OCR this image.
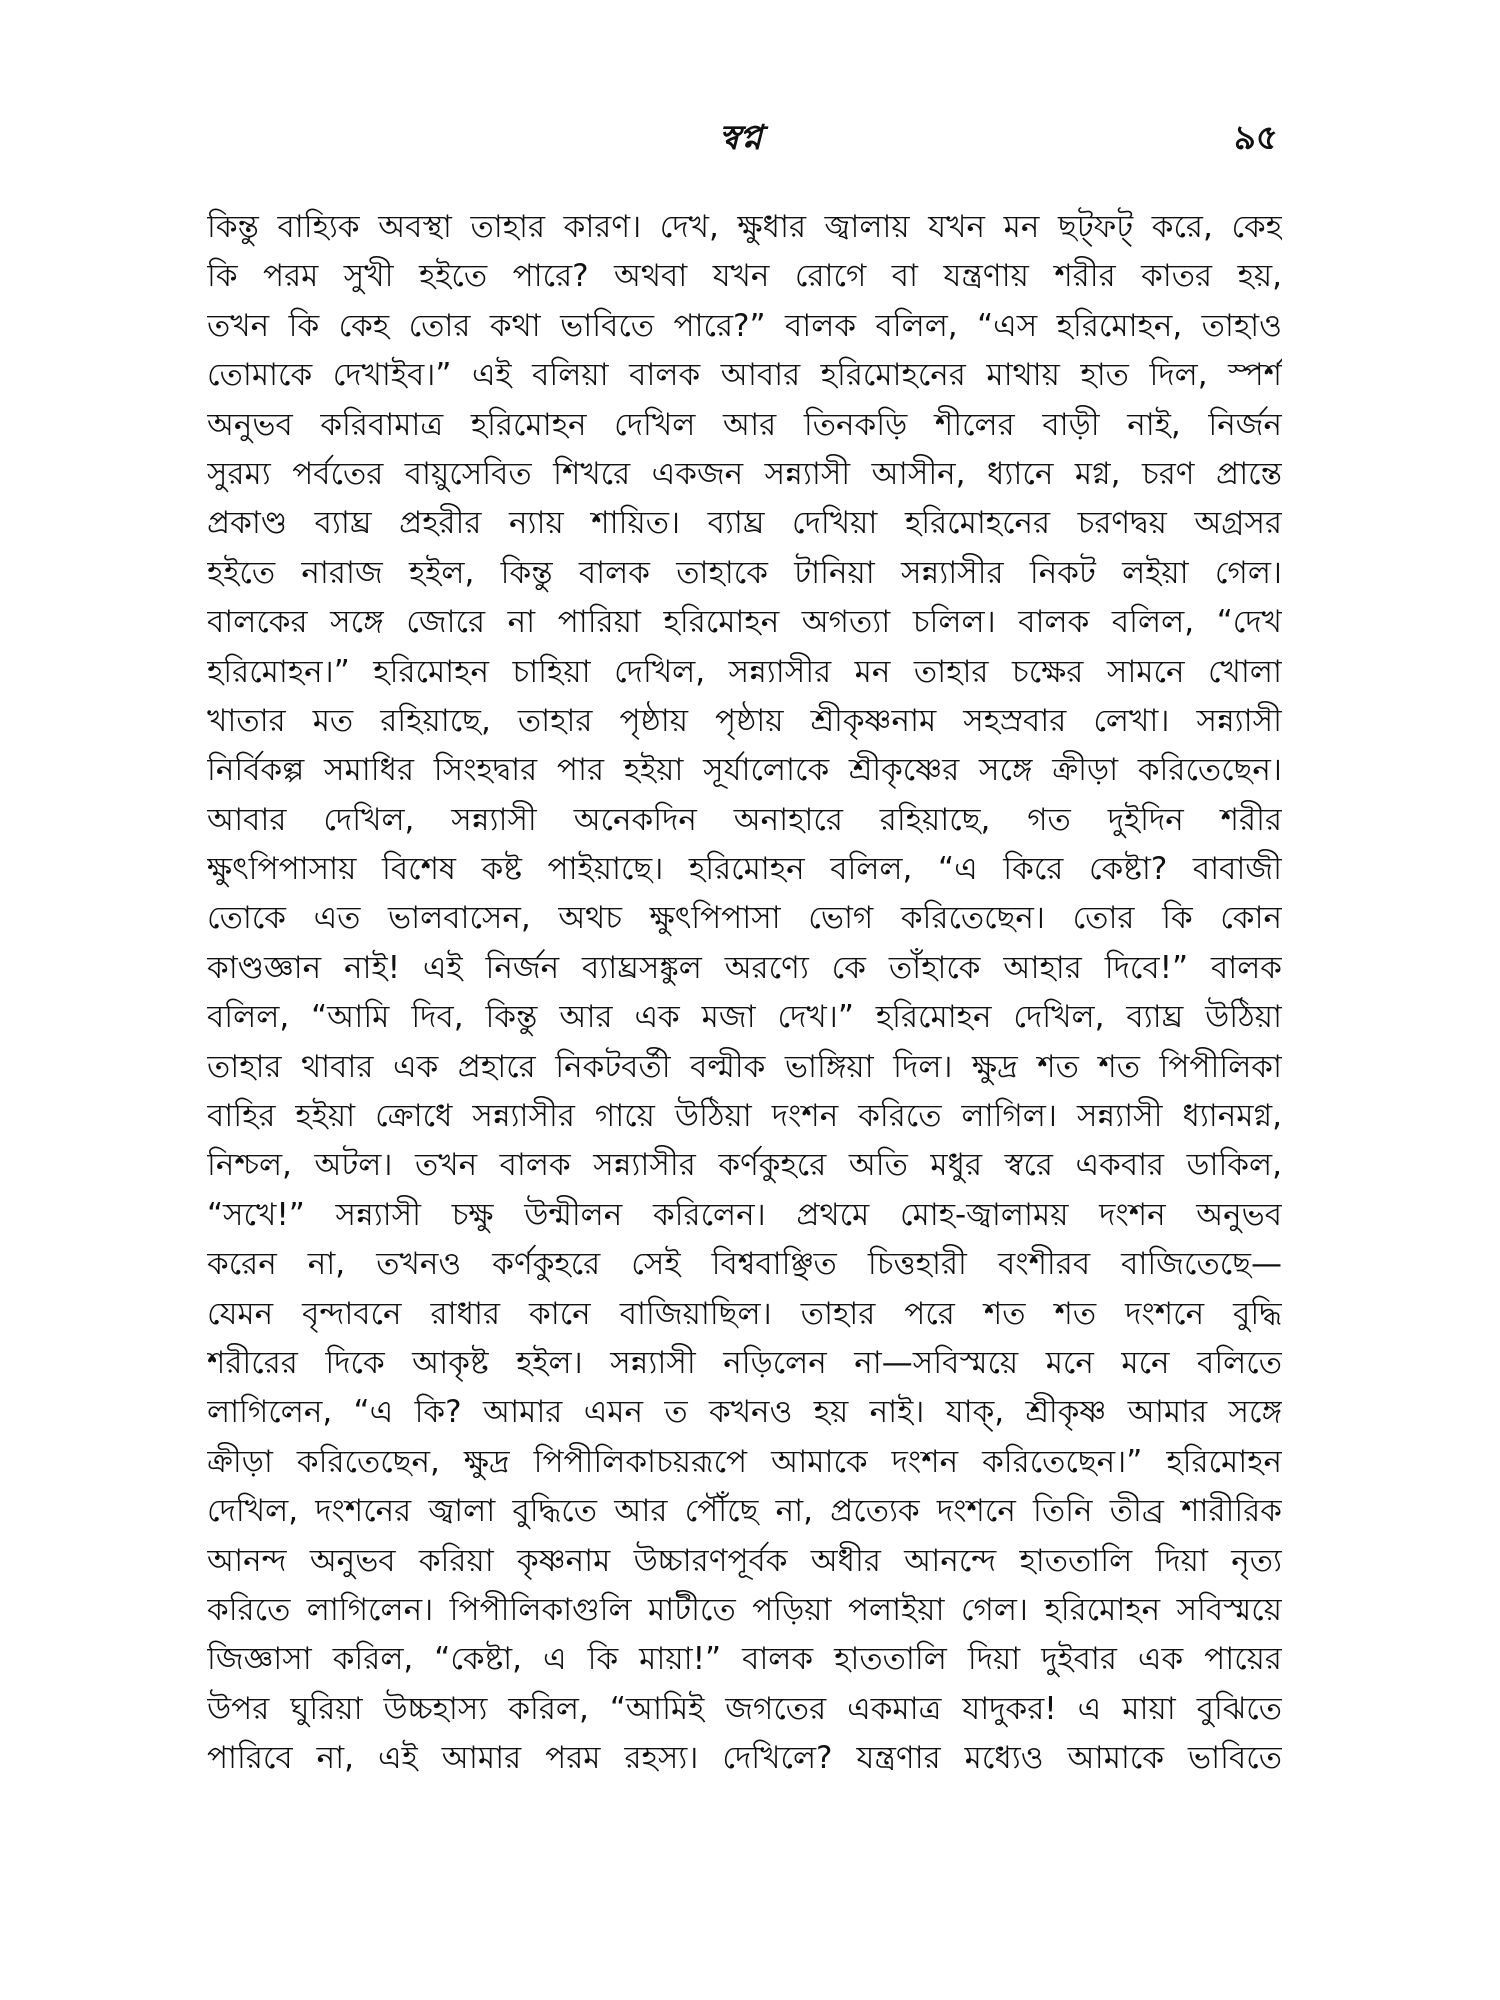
স্বপ্ন	৯৫
কিন্তু বাহ্যিক অবস্থা তাহার কারণ। দেখ, ক্ষুধার জ্বালায় যখন মন ছট্‌ফট্‌ করে, কেহ
কি পরম সুখী হইতে পারে? অথবা যখন রোগে বা যন্ত্রণায় শরীর কাতর হয়,
তখন কি কেহ তোর কথা ভাবিতে পারে?” বালক বলিল, “এস হরিমোহন, তাহাও
তোমাকে দেখাইব।” এই বলিয়া বালক আবার হরিমোহনের মাথায় হাত দিল, স্পর্শ
অনুভব করিবামাত্র হরিমোহন দেখিল আর তিনকড়ি শীলের বাড়ী নাই, নির্জন
সুরম্য পর্বতের বায়ুসেবিত শিখরে একজন সন্ন্যাসী আসীন, ধ্যানে মগ্ন, চরণ প্রান্তে
প্রকাণ্ড ব্যাঘ্র প্রহরীর ন্যায় শায়িত। ব্যাঘ্র দেখিয়া হরিমোহনের চরণদ্বয় অগ্রসর
হইতে নারাজ হইল, কিন্তু বালক তাহাকে টানিয়া সন্ন্যাসীর নিকট লইয়া গেল।
বালকের সঙ্গে জোরে না পারিয়া হরিমোহন অগত্যা চলিল। বালক বলিল, “দেখ
হরিমোহন।” হরিমোহন চাহিয়া দেখিল, সন্ন্যাসীর মন তাহার চক্ষের সামনে খোলা
খাতার মত রহিয়াছে, তাহার পৃষ্ঠায় পৃষ্ঠায় শ্রীকৃষ্ণনাম সহস্রবার লেখা। সন্ন্যাসী
নির্বিকল্প সমাধির সিংহদ্বার পার হইয়া সূর্যালোকে শ্রীকৃষ্ণের সঙ্গে ক্রীড়া করিতেছেন।
আবার দেখিল, সন্ন্যাসী অনেকদিন অনাহারে রহিয়াছে, গত দুইদিন শরীর
ক্ষুৎপিপাসায় বিশেষ কষ্ট পাইয়াছে। হরিমোহন বলিল, “এ কিরে কেষ্টা? বাবাজী
তোকে এত ভালবাসেন, অথচ ক্ষুৎপিপাসা ভোগ করিতেছেন। তোর কি কোন
কাণ্ডজ্ঞান নাই! এই নির্জন ব্যাঘ্রসঙ্কুল অরণ্যে কে তাঁহাকে আহার দিবে!” বালক
বলিল, “আমি দিব, কিন্তু আর এক মজা দেখ।” হরিমোহন দেখিল, ব্যাঘ্র উঠিয়া
তাহার থাবার এক প্রহারে নিকটবর্তী বল্মীক ভাঙ্গিয়া দিল। ক্ষুদ্র শত শত পিপীলিকা
বাহির হইয়া ক্রোধে সন্ন্যাসীর গায়ে উঠিয়া দংশন করিতে লাগিল। সন্ন্যাসী ধ্যানমগ্ন,
নিশ্চল, অটল। তখন বালক সন্ন্যাসীর কর্ণকুহরে অতি মধুর স্বরে একবার ডাকিল,
“সখে!” সন্ন্যাসী চক্ষু উন্মীলন করিলেন। প্রথমে মোহ-জ্বালাময় দংশন অনুভব
করেন না, তখনও কর্ণকুহরে সেই বিশ্ববাঞ্ছিত চিত্তহারী বংশীরব বাজিতেছে—
যেমন বৃন্দাবনে রাধার কানে বাজিয়াছিল। তাহার পরে শত শত দংশনে বুদ্ধি
শরীরের দিকে আকৃষ্ট হইল। সন্ন্যাসী নড়িলেন না—সবিস্ময়ে মনে মনে বলিতে
লাগিলেন, “এ কি? আমার এমন ত কখনও হয় নাই। যাক্‌, শ্রীকৃষ্ণ আমার সঙ্গে
ক্রীড়া করিতেছেন, ক্ষুদ্র পিপীলিকাচয়রূপে আমাকে দংশন করিতেছেন।” হরিমোহন
দেখিল, দংশনের জ্বালা বুদ্ধিতে আর পৌঁছে না, প্রত্যেক দংশনে তিনি তীব্র শারীরিক
আনন্দ অনুভব করিয়া কৃষ্ণনাম উচ্চারণপূর্বক অধীর আনন্দে হাততালি দিয়া নৃত্য
করিতে লাগিলেন। পিপীলিকাগুলি মাটীতে পড়িয়া পলাইয়া গেল। হরিমোহন সবিস্ময়ে
জিজ্ঞাসা করিল, “কেষ্টা, এ কি মায়া!” বালক হাততালি দিয়া দুইবার এক পায়ের
উপর ঘুরিয়া উচ্চহাস্য করিল, “আমিই জগতের একমাত্র যাদুকর! এ মায়া বুঝিতে
পারিবে না, এই আমার পরম রহস্য। দেখিলে? যন্ত্রণার মধ্যেও আমাকে ভাবিতে
